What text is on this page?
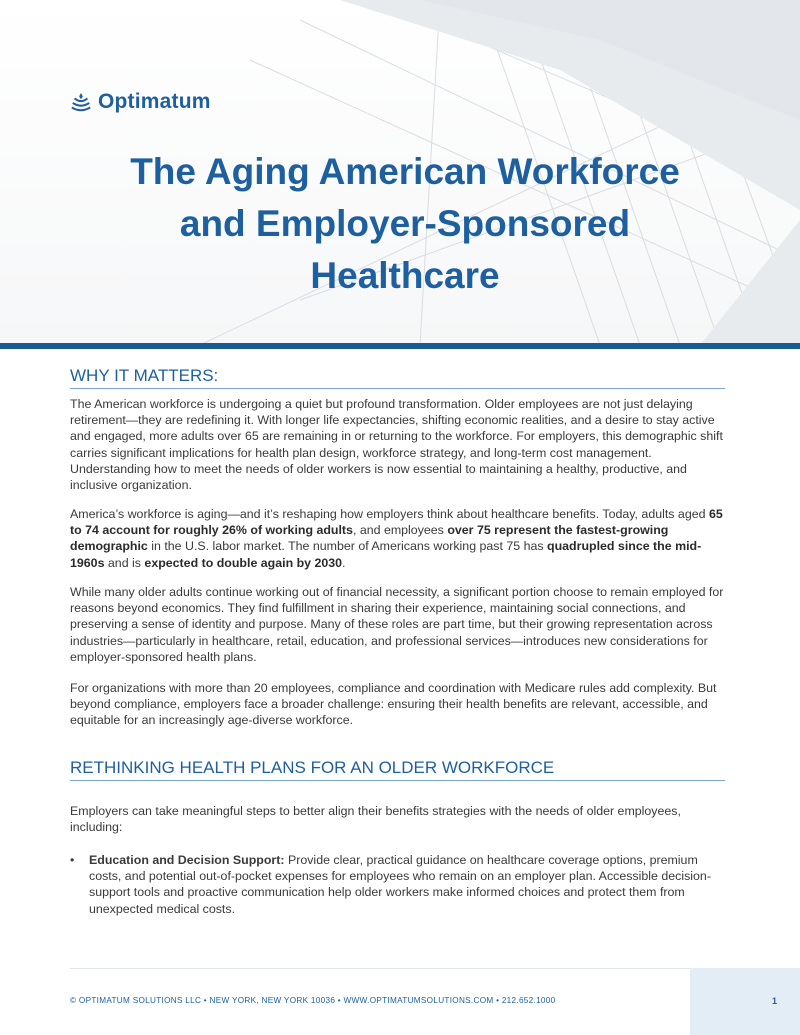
Optimatum
The Aging American Workforce
and Employer-Sponsored
Healthcare
WHY IT MATTERS:

The American workforce is undergoing a quiet but profound transformation. Older employees are not just delaying retirement—they are redefining it. With longer life expectancies, shifting economic realities, and a desire to stay active and engaged, more adults over 65 are remaining in or returning to the workforce. For employers, this demographic shift carries significant implications for health plan design, workforce strategy, and long-term cost management. Understanding how to meet the needs of older workers is now essential to maintaining a healthy, productive, and inclusive organization.

America’s workforce is aging—and it’s reshaping how employers think about healthcare benefits. Today, adults aged 65 to 74 account for roughly 26% of working adults, and employees over 75 represent the fastest-growing demographic in the U.S. labor market. The number of Americans working past 75 has quadrupled since the mid-1960s and is expected to double again by 2030.

While many older adults continue working out of financial necessity, a significant portion choose to remain employed for reasons beyond economics. They find fulfillment in sharing their experience, maintaining social connections, and preserving a sense of identity and purpose. Many of these roles are part time, but their growing representation across industries—particularly in healthcare, retail, education, and professional services—introduces new considerations for employer-sponsored health plans.

For organizations with more than 20 employees, compliance and coordination with Medicare rules add complexity. But beyond compliance, employers face a broader challenge: ensuring their health benefits are relevant, accessible, and equitable for an increasingly age-diverse workforce.

RETHINKING HEALTH PLANS FOR AN OLDER WORKFORCE

Employers can take meaningful steps to better align their benefits strategies with the needs of older employees, including:

• Education and Decision Support: Provide clear, practical guidance on healthcare coverage options, premium costs, and potential out-of-pocket expenses for employees who remain on an employer plan. Accessible decision-support tools and proactive communication help older workers make informed choices and protect them from unexpected medical costs.
© OPTIMATUM SOLUTIONS LLC • NEW YORK, NEW YORK 10036 • WWW.OPTIMATUMSOLUTIONS.COM • 212.652.1000	1
